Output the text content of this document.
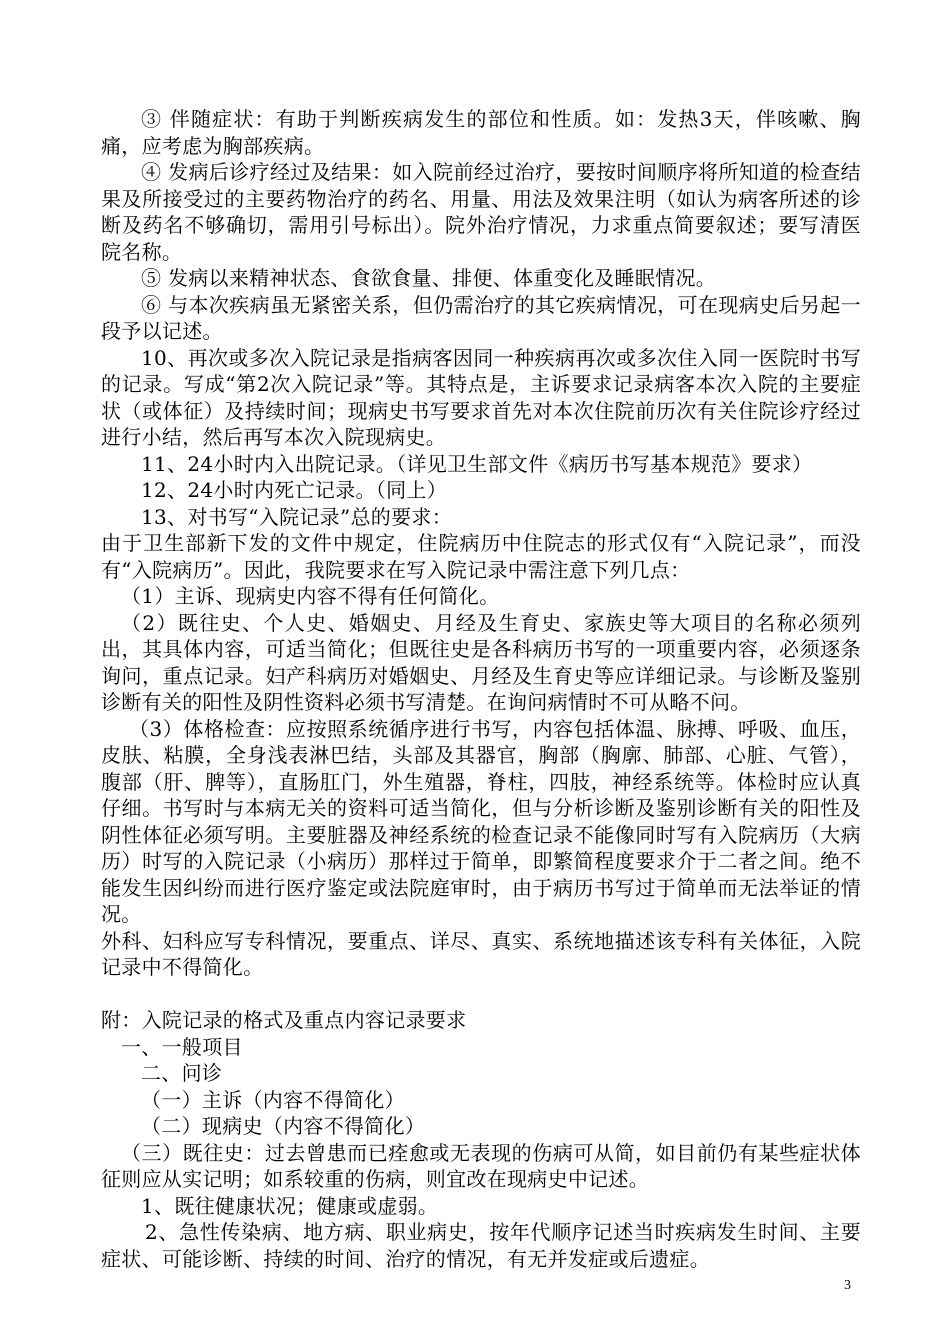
③ 伴随症状：有助于判断疾病发生的部位和性质。如：发热3天，伴咳嗽、胸痛，应考虑为胸部疾病。

④ 发病后诊疗经过及结果：如入院前经过治疗，要按时间顺序将所知道的检查结果及所接受过的主要药物治疗的药名、用量、用法及效果注明（如认为病客所述的诊断及药名不够确切，需用引号标出）。院外治疗情况，力求重点简要叙述；要写清医院名称。

⑤ 发病以来精神状态、食欲食量、排便、体重变化及睡眠情况。

⑥ 与本次疾病虽无紧密关系，但仍需治疗的其它疾病情况，可在现病史后另起一段予以记述。

10、再次或多次入院记录是指病客因同一种疾病再次或多次住入同一医院时书写的记录。写成“第2次入院记录”等。其特点是，主诉要求记录病客本次入院的主要症状（或体征）及持续时间；现病史书写要求首先对本次住院前历次有关住院诊疗经过进行小结，然后再写本次入院现病史。

11、24小时内入出院记录。（详见卫生部文件《病历书写基本规范》要求）

12、24小时内死亡记录。（同上）

13、对书写“入院记录”总的要求：

由于卫生部新下发的文件中规定，住院病历中住院志的形式仅有“入院记录”，而没有“入院病历”。因此，我院要求在写入院记录中需注意下列几点：

（1）主诉、现病史内容不得有任何简化。

（2）既往史、个人史、婚姻史、月经及生育史、家族史等大项目的名称必须列出，其具体内容，可适当简化；但既往史是各科病历书写的一项重要内容，必须逐条询问，重点记录。妇产科病历对婚姻史、月经及生育史等应详细记录。与诊断及鉴别诊断有关的阳性及阴性资料必须书写清楚。在询问病情时不可从略不问。

（3）体格检查：应按照系统循序进行书写，内容包括体温、脉搏、呼吸、血压，皮肤、粘膜，全身浅表淋巴结，头部及其器官，胸部（胸廓、肺部、心脏、气管），腹部（肝、脾等），直肠肛门，外生殖器，脊柱，四肢，神经系统等。体检时应认真仔细。书写时与本病无关的资料可适当简化，但与分析诊断及鉴别诊断有关的阳性及阴性体征必须写明。主要脏器及神经系统的检查记录不能像同时写有入院病历（大病历）时写的入院记录（小病历）那样过于简单，即繁简程度要求介于二者之间。绝不能发生因纠纷而进行医疗鉴定或法院庭审时，由于病历书写过于简单而无法举证的情况。

外科、妇科应写专科情况，要重点、详尽、真实、系统地描述该专科有关体征，入院记录中不得简化。

附：入院记录的格式及重点内容记录要求

一、一般项目

二、问诊

（一）主诉（内容不得简化）

（二）现病史（内容不得简化）

（三）既往史：过去曾患而已痊愈或无表现的伤病可从简，如目前仍有某些症状体征则应从实记明；如系较重的伤病，则宜改在现病史中记述。

1、既往健康状况；健康或虚弱。

2、急性传染病、地方病、职业病史，按年代顺序记述当时疾病发生时间、主要症状、可能诊断、持续的时间、治疗的情况，有无并发症或后遗症。

3
